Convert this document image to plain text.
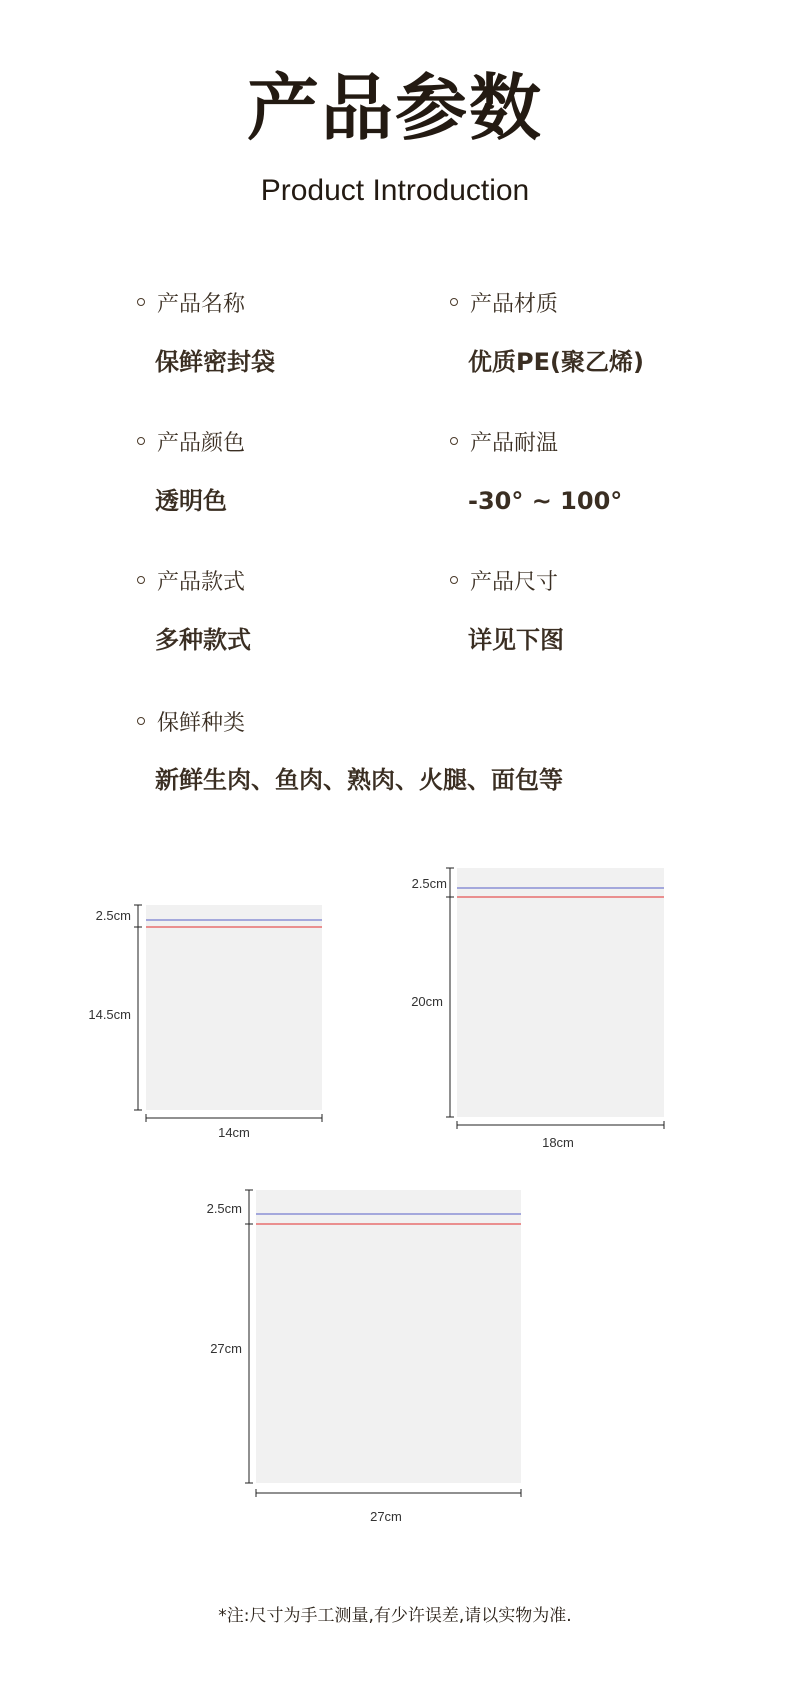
产品参数
Product Introduction
产品名称
保鲜密封袋
产品材质
优质PE(聚乙烯)
产品颜色
透明色
产品耐温
-30° ~ 100°
产品款式
多种款式
产品尺寸
详见下图
保鲜种类
新鲜生肉、鱼肉、熟肉、火腿、面包等
2.5cm
14.5cm
14cm
2.5cm
20cm
18cm
2.5cm
27cm
27cm
*注:尺寸为手工测量,有少许误差,请以实物为准.
